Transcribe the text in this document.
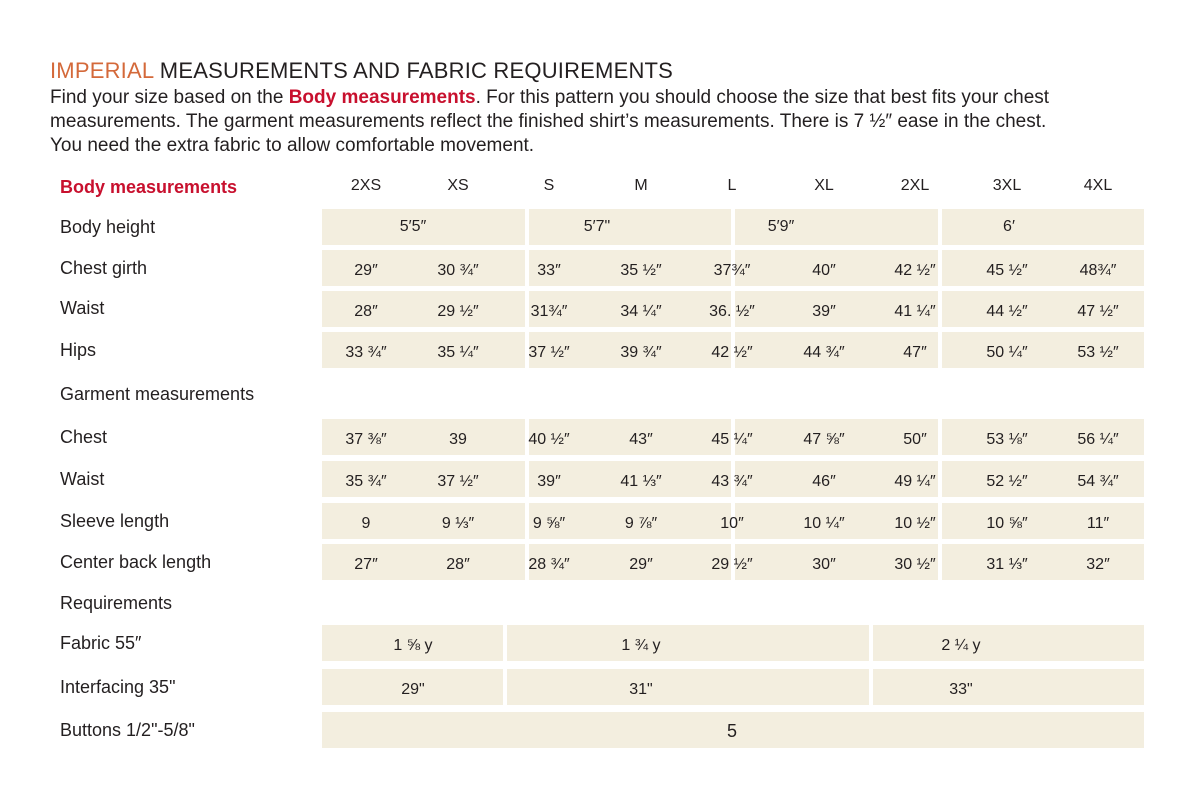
IMPERIAL MEASUREMENTS AND FABRIC REQUIREMENTS
Find your size based on the Body measurements. For this pattern you should choose the size that best fits your chest
measurements. The garment measurements reflect the finished shirt’s measurements. There is 7 ½″ ease in the chest.
You need the extra fabric to allow comfortable movement.
Body measurements	2XS	XS	S	M	L	XL	2XL	3XL	4XL
Body height	5′5″	5′7"	5′9″	6′
Chest girth	29″	30 ¾″	33″	35 ½″	37¾″	40″	42 ½″	45 ½″	48¾″
Waist	28″	29 ½″	31¾″	34 ¼″	36. ½″	39″	41 ¼″	44 ½″	47 ½″
Hips	33 ¾″	35 ¼″	37 ½″	39 ¾″	42 ½″	44 ¾″	47″	50 ¼″	53 ½″
Garment measurements
Chest	37 ⅜″	39	40 ½″	43″	45 ¼″	47 ⅝″	50″	53 ⅛″	56 ¼″
Waist	35 ¾″	37 ½″	39″	41 ⅓″	43 ¾″	46″	49 ¼″	52 ½″	54 ¾″
Sleeve length	9	9 ⅓″	9 ⅝″	9 ⅞″	10″	10 ¼″	10 ½″	10 ⅝″	11″
Center back length	27″	28″	28 ¾″	29″	29 ½″	30″	30 ½″	31 ⅓″	32″
Requirements
Fabric 55″	1 ⅝ y	1 ¾ y	2 ¼ y
Interfacing 35"	29"	31"	33"
Buttons 1/2"-5/8"	5
